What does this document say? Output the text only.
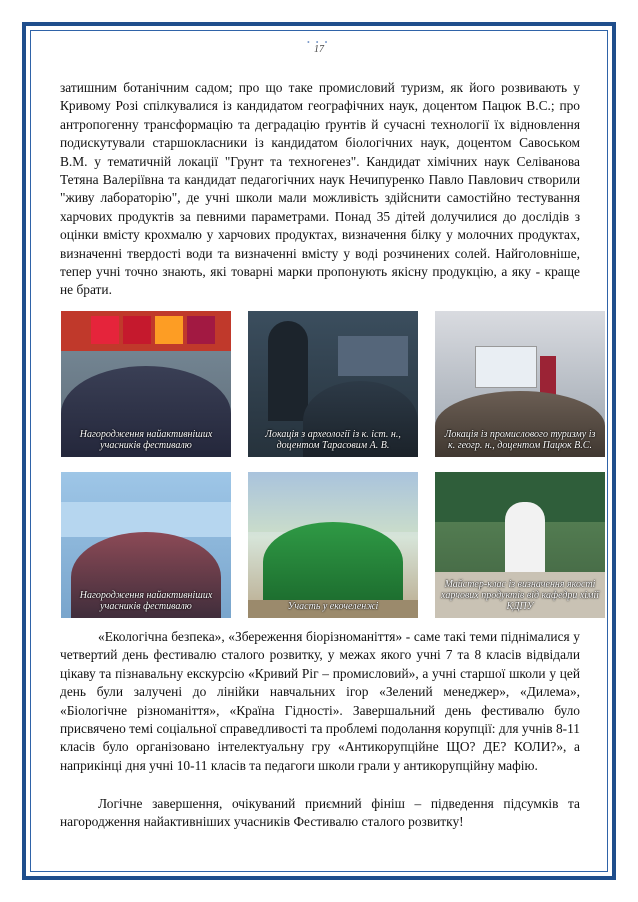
• • •
17

затишним ботанічним садом; про що таке промисловий туризм, як його розвивають у Кривому Розі спілкувалися із кандидатом географічних наук, доцентом Пацюк В.С.; про антропогенну трансформацію та деградацію ґрунтів й сучасні технології їх відновлення подискутували старшокласники із кандидатом біологічних наук, доцентом Савоськом В.М. у тематичній локації "Грунт та техногенез". Кандидат хімічних наук Селіванова Тетяна Валеріївна та кандидат педагогічних наук Нечипуренко Павло Павлович створили "живу лабораторію", де учні школи мали можливість здійснити самостійно тестування харчових продуктів за певними параметрами. Понад 35 дітей долучилися до дослідів з оцінки вмісту крохмалю у харчових продуктах, визначення білку у молочних продуктах, визначенні твердості води та визначенні вмісту у воді розчинених солей. Найголовніше, тепер учні точно знають, які товарні марки пропонують якісну продукцію, а яку - краще не брати.

Нагородження найактивніших учасників фестивалю
Локація з археології із к. іст. н., доцентом Тарасовим А. В.
Локація із промислового туризму із к. геогр. н., доцентом Пацюк В.С.
Нагородження найактивніших учасників фестивалю	Участь у екочеленжі
Майстер-клас із визначення якості харчових продуктів від кафедри хімії КДПУ

«Екологічна безпека», «Збереження біорізноманіття» - саме такі теми піднімалися у четвертий день фестивалю сталого розвитку, у межах якого учні 7 та 8 класів відвідали цікаву та пізнавальну екскурсію «Кривий Ріг – промисловий», а учні старшої школи у цей день були залучені до лінійки навчальних ігор «Зелений менеджер», «Дилема», «Біологічне різноманіття», «Країна Гідності». Завершальний день фестивалю було присвячено темі соціальної справедливості та проблемі подолання корупції: для учнів 8-11 класів було організовано інтелектуальну гру «Антикорупційне ЩО? ДЕ? КОЛИ?», а наприкінці дня учні 10-11 класів та педагоги школи грали у антикорупційну мафію.

Логічне завершення, очікуваний приємний фініш – підведення підсумків та нагородження найактивніших учасників Фестивалю сталого розвитку!
